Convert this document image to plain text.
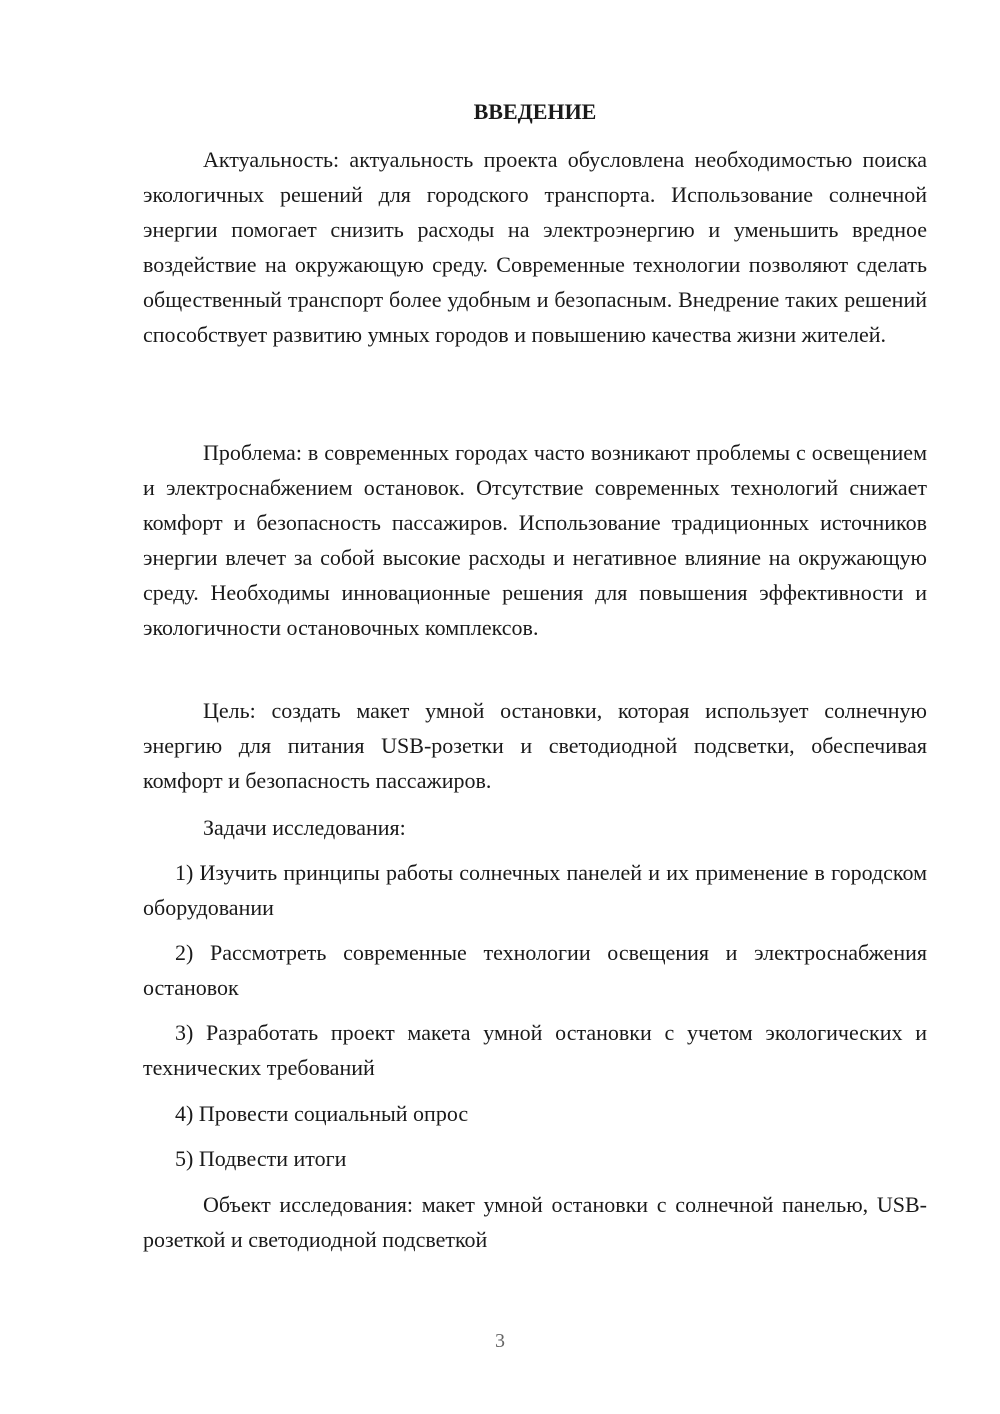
ВВЕДЕНИЕ

Актуальность: актуальность проекта обусловлена необходимостью поиска экологичных решений для городского транспорта. Использование солнечной энергии помогает снизить расходы на электроэнергию и уменьшить вредное воздействие на окружающую среду. Современные технологии позволяют сделать общественный транспорт более удобным и безопасным. Внедрение таких решений способствует развитию умных городов и повышению качества жизни жителей.

Проблема: в современных городах часто возникают проблемы с освещением и электроснабжением остановок. Отсутствие современных технологий снижает комфорт и безопасность пассажиров. Использование традиционных источников энергии влечет за собой высокие расходы и негативное влияние на окружающую среду. Необходимы инновационные решения для повышения эффективности и экологичности остановочных комплексов.

Цель: создать макет умной остановки, которая использует солнечную энергию для питания USB-розетки и светодиодной подсветки, обеспечивая комфорт и безопасность пассажиров.

Задачи исследования:

1) Изучить принципы работы солнечных панелей и их применение в городском оборудовании

2) Рассмотреть современные технологии освещения и электроснабжения остановок

3) Разработать проект макета умной остановки с учетом экологических и технических требований

4) Провести социальный опрос

5) Подвести итоги

Объект исследования: макет умной остановки с солнечной панелью, USB-розеткой и светодиодной подсветкой

3
